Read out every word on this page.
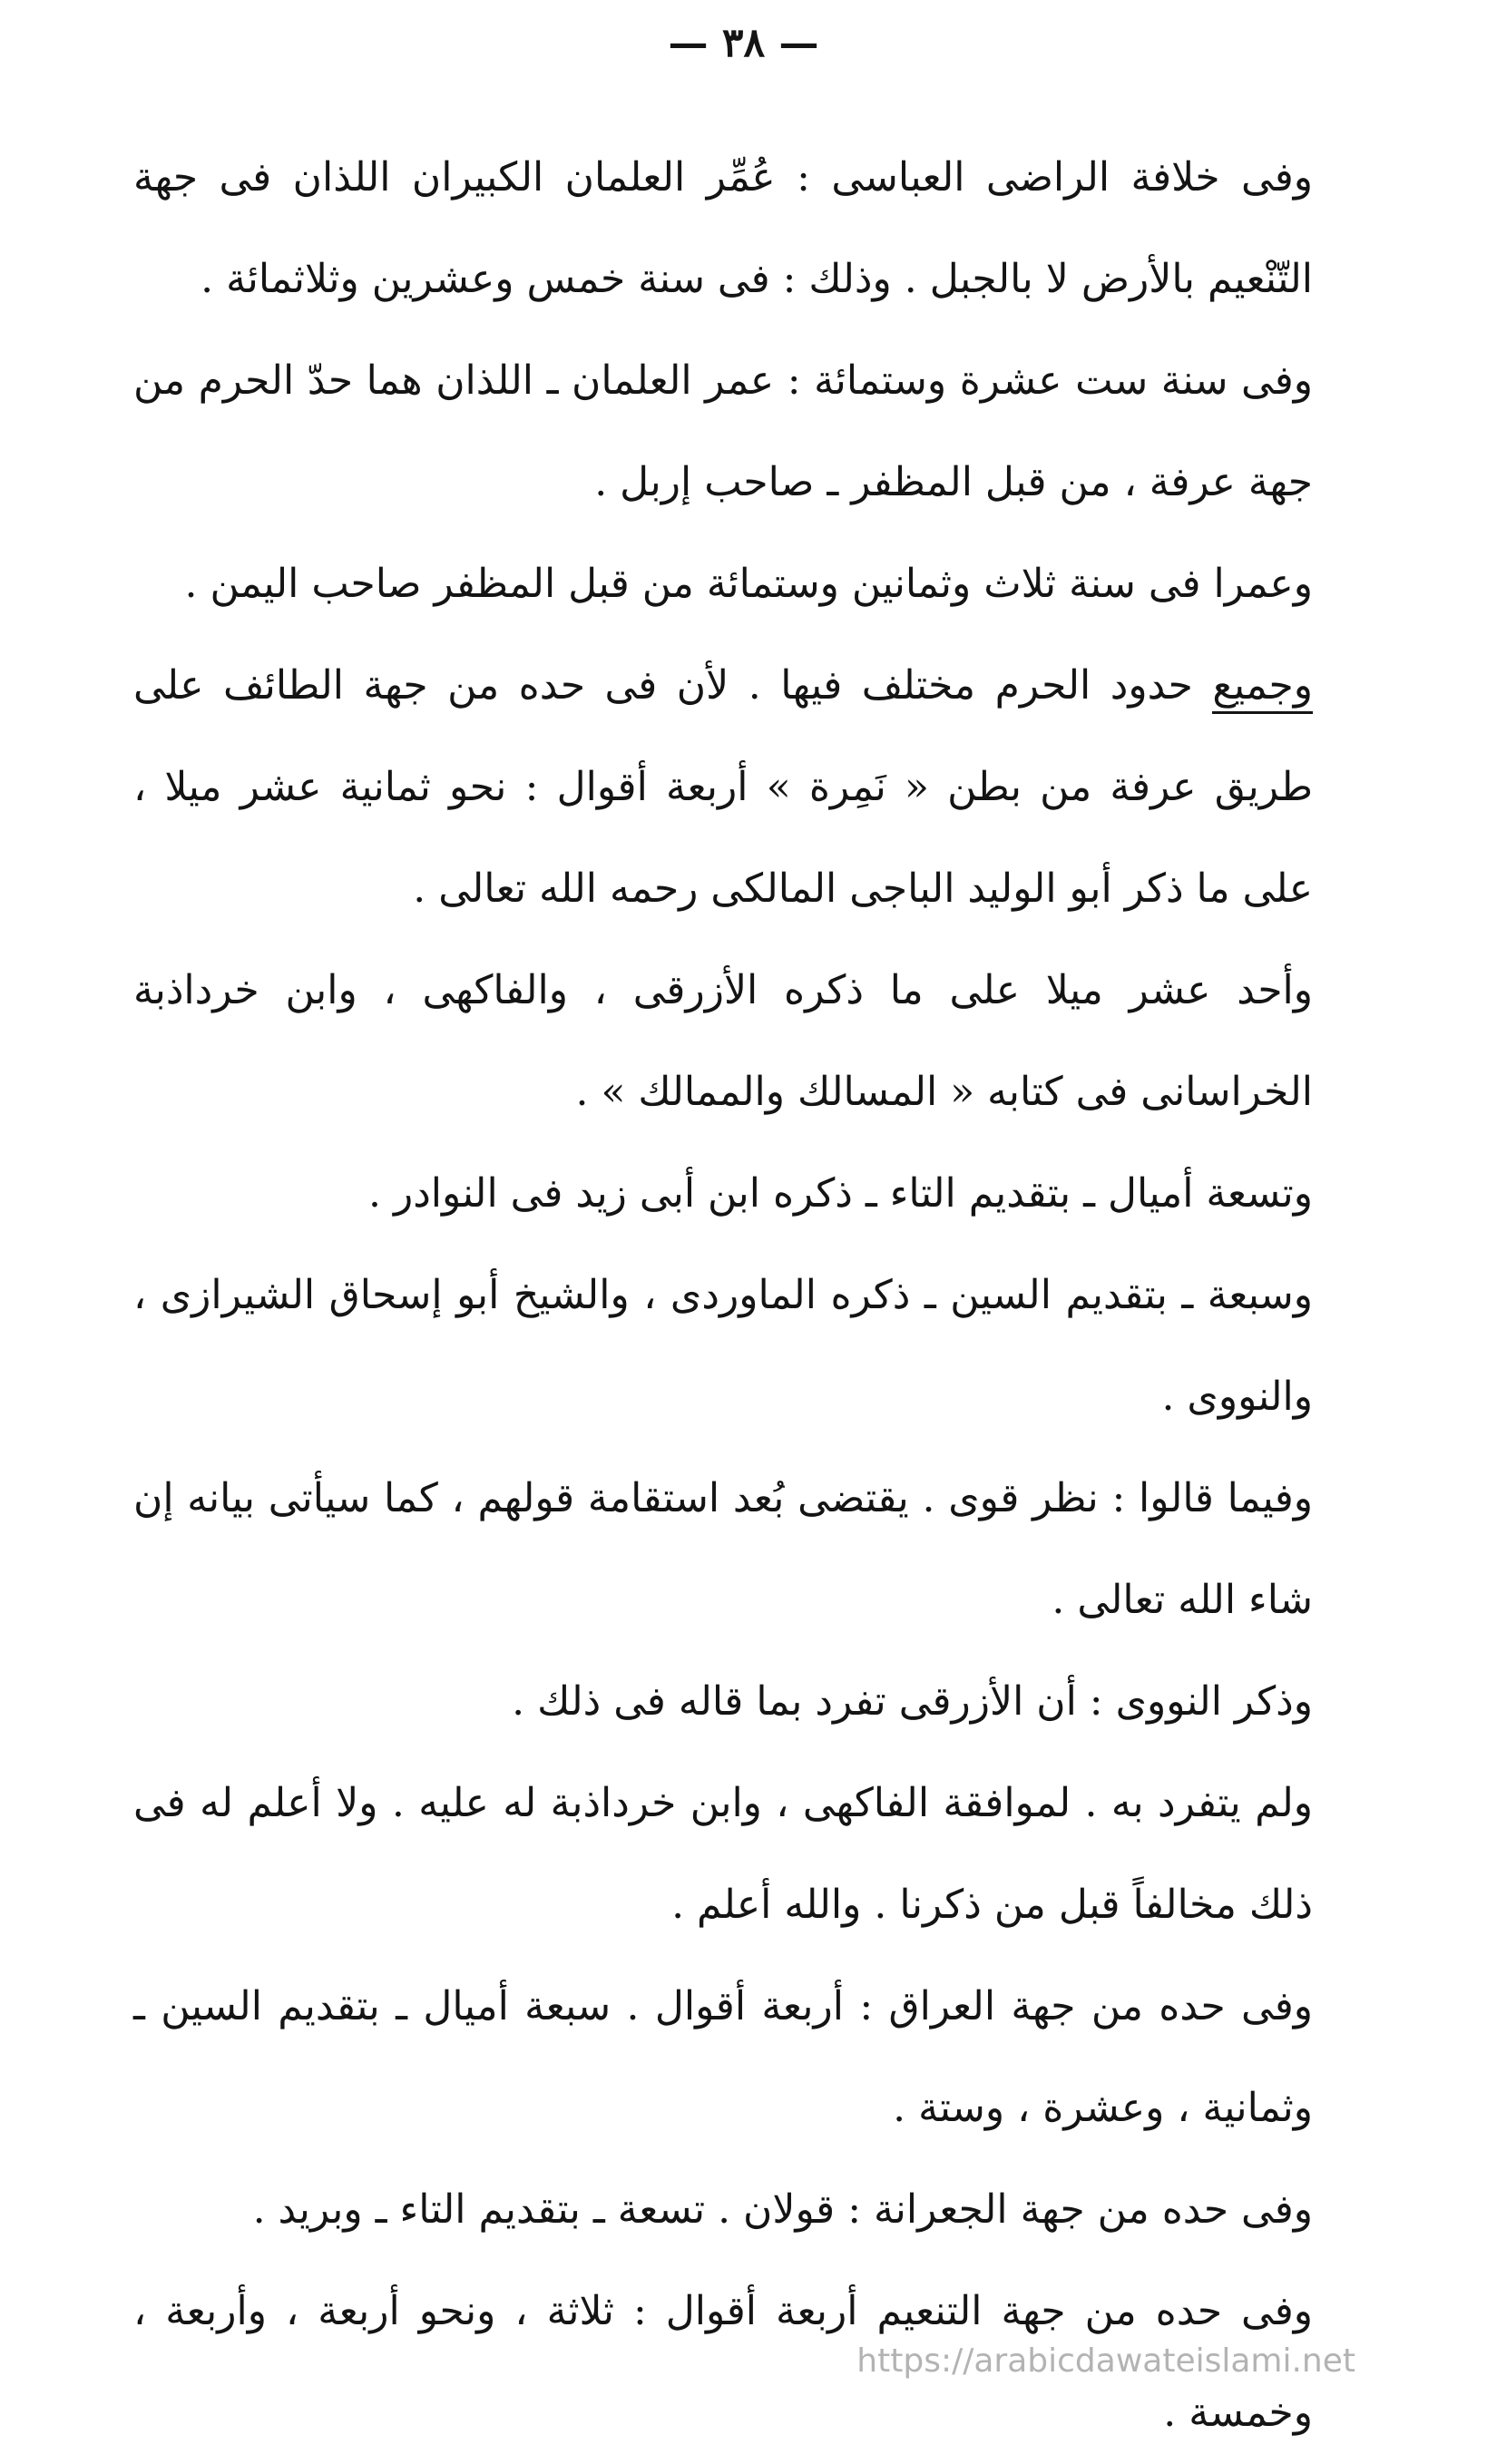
— ٣٨ —

وفى خلافة الراضى العباسى : عُمِّر العلمان الكبيران اللذان فى جهة التّنْعيم بالأرض لا بالجبل . وذلك : فى سنة خمس وعشرين وثلاثمائة .

وفى سنة ست عشرة وستمائة : عمر العلمان ـ اللذان هما حدّ الحرم من جهة عرفة ، من قبل المظفر ـ صاحب إربل .

وعمرا فى سنة ثلاث وثمانين وستمائة من قبل المظفر صاحب اليمن .

وجميع حدود الحرم مختلف فيها . لأن فى حده من جهة الطائف على طريق عرفة من بطن « نَمِرة » أربعة أقوال : نحو ثمانية عشر ميلا ، على ما ذكر أبو الوليد الباجى المالكى رحمه الله تعالى .

وأحد عشر ميلا على ما ذكره الأزرقى ، والفاكهى ، وابن خرداذبة الخراسانى فى كتابه « المسالك والممالك » .

وتسعة أميال ـ بتقديم التاء ـ ذكره ابن أبى زيد فى النوادر .

وسبعة ـ بتقديم السين ـ ذكره الماوردى ، والشيخ أبو إسحاق الشيرازى ، والنووى .

وفيما قالوا : نظر قوى . يقتضى بُعد استقامة قولهم ، كما سيأتى بيانه إن شاء الله تعالى .

وذكر النووى : أن الأزرقى تفرد بما قاله فى ذلك .

ولم يتفرد به . لموافقة الفاكهى ، وابن خرداذبة له عليه . ولا أعلم له فى ذلك مخالفاً قبل من ذكرنا . والله أعلم .

وفى حده من جهة العراق : أربعة أقوال . سبعة أميال ـ بتقديم السين ـ وثمانية ، وعشرة ، وستة .

وفى حده من جهة الجعرانة : قولان . تسعة ـ بتقديم التاء ـ وبريد .

وفى حده من جهة التنعيم أربعة أقوال : ثلاثة ، ونحو أربعة ، وأربعة ، وخمسة .

https://arabicdawateislami.net
